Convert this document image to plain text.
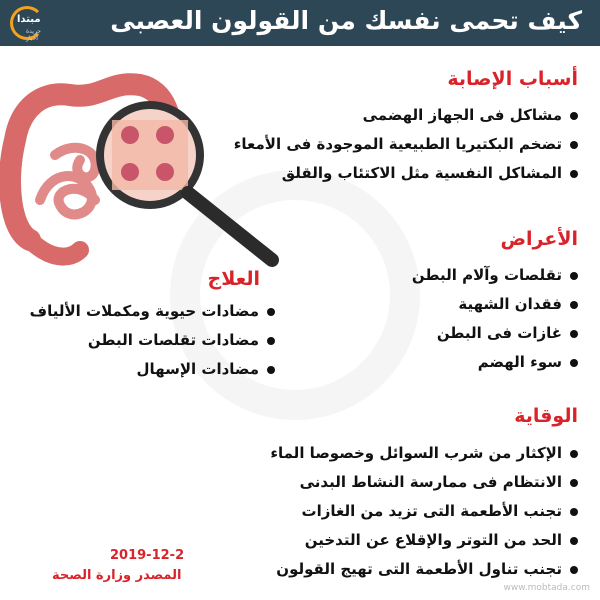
مبتدا
جريدة أخبار
كيف تحمى نفسك من القولون العصبى
أسباب الإصابة
مشاكل فى الجهاز الهضمى
تضخم البكتيريا الطبيعية الموجودة فى الأمعاء
المشاكل النفسية مثل الاكتئاب والقلق
الأعراض
تقلصات وآلام البطن
فقدان الشهية
غازات فى البطن
سوء الهضم
العلاج
مضادات حيوية ومكملات الألياف
مضادات تقلصات البطن
مضادات الإسهال
الوقاية
الإكثار من شرب السوائل وخصوصا الماء
الانتظام فى ممارسة النشاط البدنى
تجنب الأطعمة التى تزيد من الغازات
الحد من التوتر والإقلاع عن التدخين
تجنب تناول الأطعمة التى تهيج القولون
2019-12-2
المصدر وزارة الصحة
www.mobtada.com
